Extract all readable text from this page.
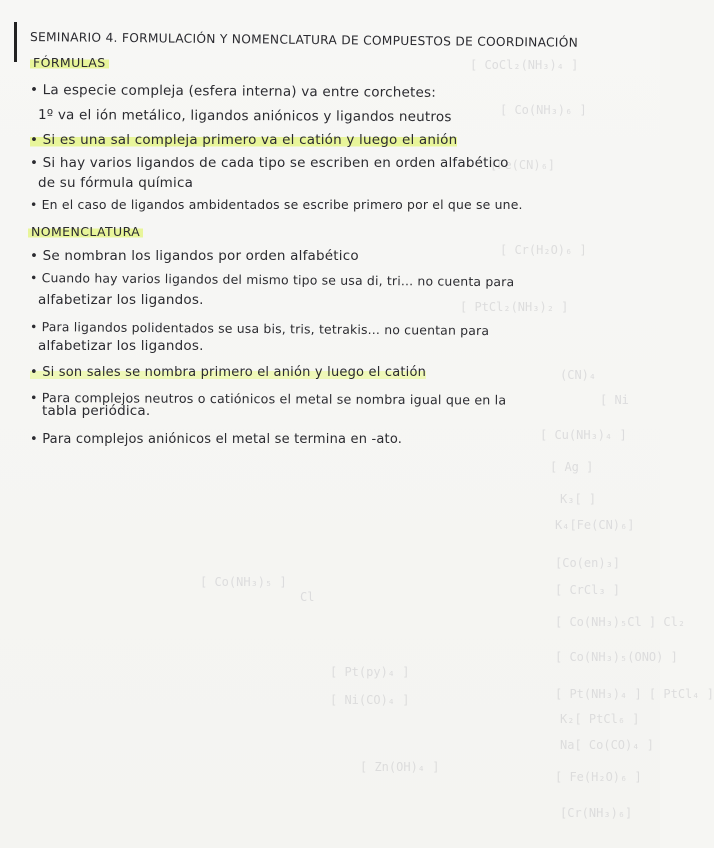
[ CoCl₂(NH₃)₄ ]
[ Co(NH₃)₆ ]
[Fe(CN)₆]
[ Cr(H₂O)₆ ]
[ PtCl₂(NH₃)₂ ]
(CN)₄
[ Ni
[ Cu(NH₃)₄ ]
[ Ag ]
K₃[ ]
K₄[Fe(CN)₆]
[Co(en)₃]
[ CrCl₃ ]
[ Co(NH₃)₅Cl ] Cl₂
[ Co(NH₃)₅(ONO) ]
[ Pt(NH₃)₄ ] [ PtCl₄ ]
K₂[ PtCl₆ ]
Na[ Co(CO)₄ ]
[ Fe(H₂O)₆ ]
[Cr(NH₃)₆]
[ Co(NH₃)₅ ]
Cl
[ Pt(py)₄ ]
[ Ni(CO)₄ ]
[ Zn(OH)₄ ]
SEMINARIO 4. FORMULACIÓN Y NOMENCLATURA DE COMPUESTOS DE COORDINACIÓN
FÓRMULAS
• La especie compleja (esfera interna) va entre corchetes:
1º va el ión metálico, ligandos aniónicos y ligandos neutros
• Si es una sal compleja primero va el catión y luego el anión
• Si hay varios ligandos de cada tipo se escriben en orden alfabético
de su fórmula química
• En el caso de ligandos ambidentados se escribe primero por el que se une.
NOMENCLATURA
• Se nombran los ligandos por orden alfabético
• Cuando hay varios ligandos del mismo tipo se usa di, tri... no cuenta para
alfabetizar los ligandos.
• Para ligandos polidentados se usa bis, tris, tetrakis... no cuentan para
alfabetizar los ligandos.
• Si son sales se nombra primero el anión y luego el catión
• Para complejos neutros o catiónicos el metal se nombra igual que en la
tabla periódica.
• Para complejos aniónicos el metal se termina en -ato.
